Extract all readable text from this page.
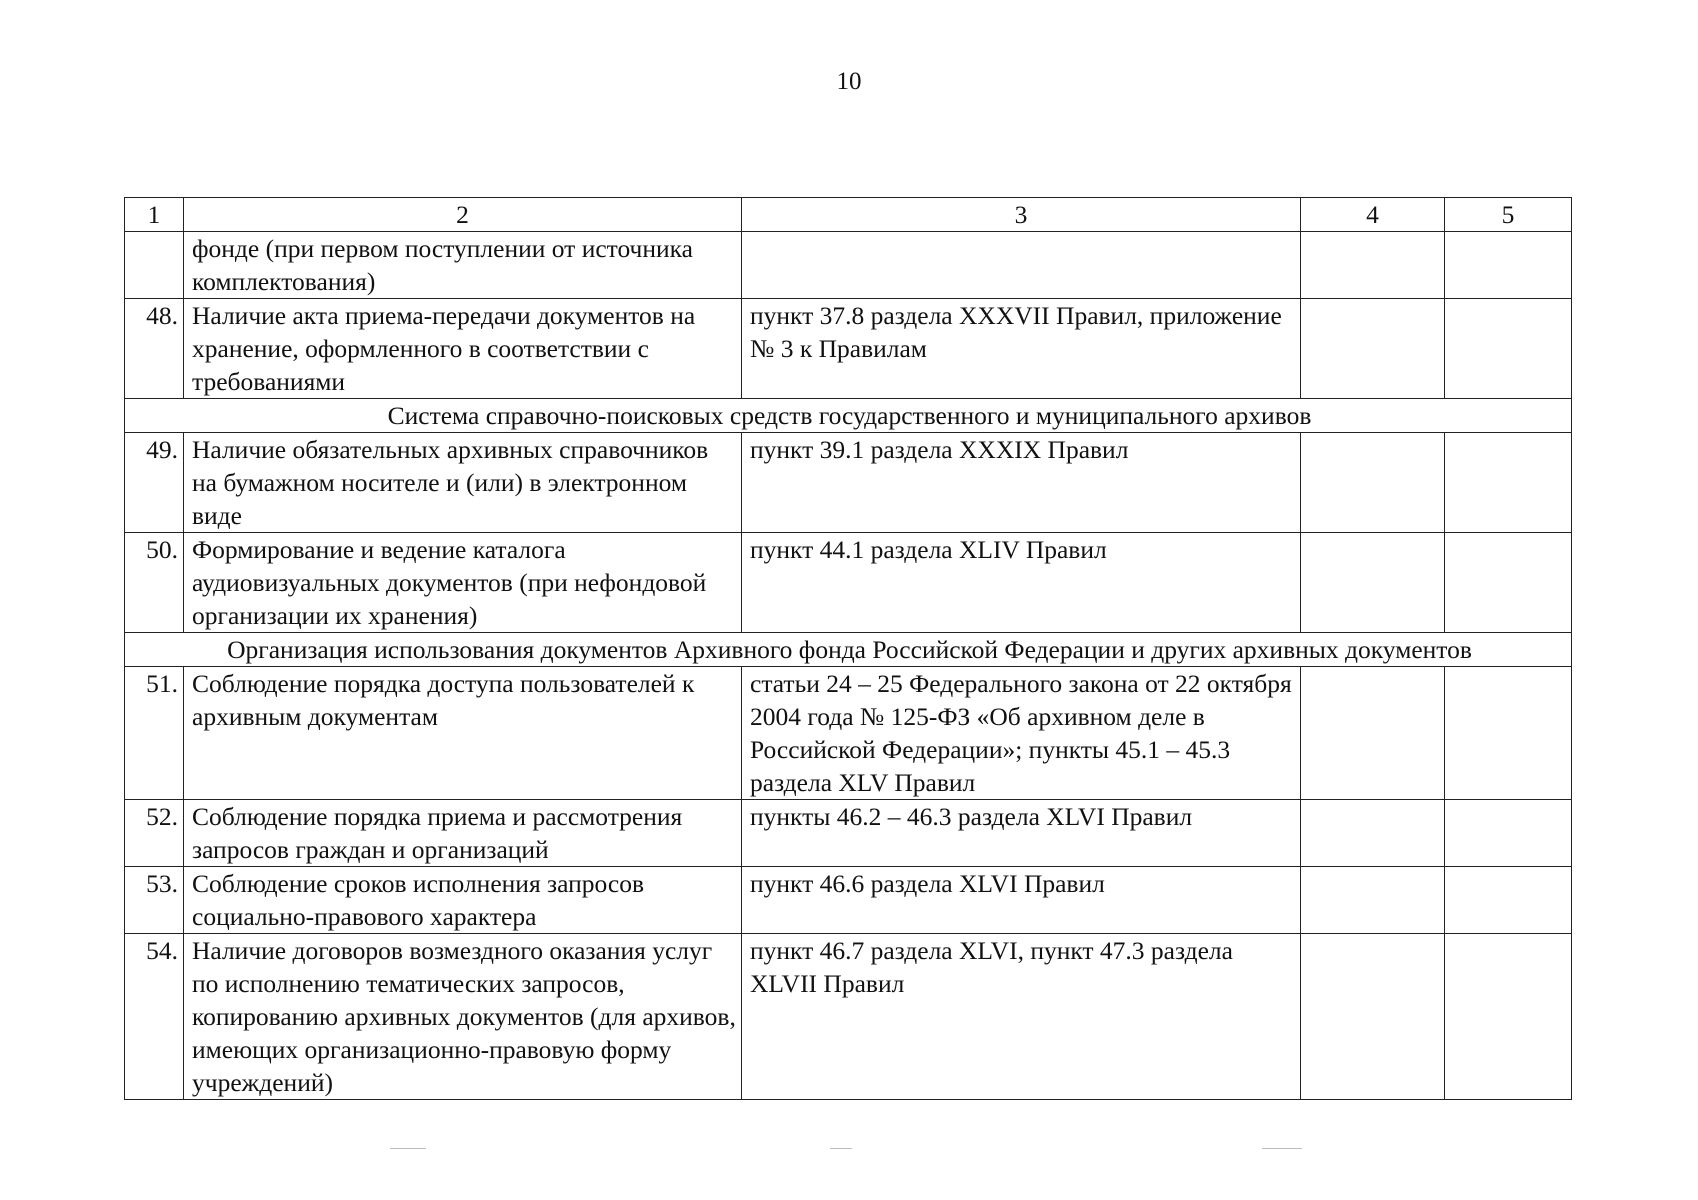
10
1	2	3	4	5
	фонде (при первом поступлении от источника комплектования)			
48.	Наличие акта приема-передачи документов на хранение, оформленного в соответствии с требованиями	пункт 37.8 раздела XXXVII Правил, приложение № 3 к Правилам		
Система справочно-поисковых средств государственного и муниципального архивов				
49.	Наличие обязательных архивных справочников на бумажном носителе и (или) в электронном виде	пункт 39.1 раздела XXXIX Правил		
50.	Формирование и ведение каталога аудиовизуальных документов (при нефондовой организации их хранения)	пункт 44.1 раздела XLIV Правил		
Организация использования документов Архивного фонда Российской Федерации и других архивных документов				
51.	Соблюдение порядка доступа пользователей к архивным документам	статьи 24 – 25 Федерального закона от 22 октября 2004 года № 125-ФЗ «Об архивном деле в Российской Федерации»; пункты 45.1 – 45.3 раздела XLV Правил		
52.	Соблюдение порядка приема и рассмотрения запросов граждан и организаций	пункты 46.2 – 46.3 раздела XLVI Правил		
53.	Соблюдение сроков исполнения запросов социально-правового характера	пункт 46.6 раздела XLVI Правил		
54.	Наличие договоров возмездного оказания услуг по исполнению тематических запросов, копированию архивных документов (для архивов, имеющих организационно-правовую форму учреждений)	пункт 46.7 раздела XLVI, пункт 47.3 раздела XLVII Правил		
